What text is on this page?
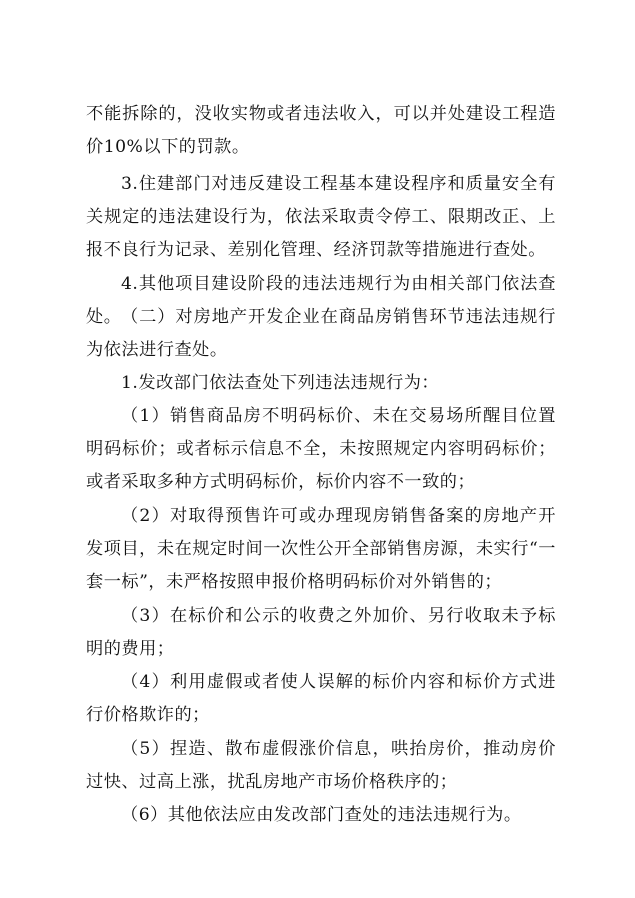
不能拆除的，没收实物或者违法收入，可以并处建设工程造价10%以下的罚款。

3.住建部门对违反建设工程基本建设程序和质量安全有关规定的违法建设行为，依法采取责令停工、限期改正、上报不良行为记录、差别化管理、经济罚款等措施进行查处。

4.其他项目建设阶段的违法违规行为由相关部门依法查处。 （二）对房地产开发企业在商品房销售环节违法违规行为依法进行查处。

1.发改部门依法查处下列违法违规行为：

（1）销售商品房不明码标价、未在交易场所醒目位置明码标价；或者标示信息不全，未按照规定内容明码标价；或者采取多种方式明码标价，标价内容不一致的；

（2）对取得预售许可或办理现房销售备案的房地产开发项目，未在规定时间一次性公开全部销售房源，未实行“一套一标”，未严格按照申报价格明码标价对外销售的；

（3）在标价和公示的收费之外加价、另行收取未予标明的费用；

（4）利用虚假或者使人误解的标价内容和标价方式进行价格欺诈的；

（5）捏造、散布虚假涨价信息，哄抬房价，推动房价过快、过高上涨，扰乱房地产市场价格秩序的；

（6）其他依法应由发改部门查处的违法违规行为。
